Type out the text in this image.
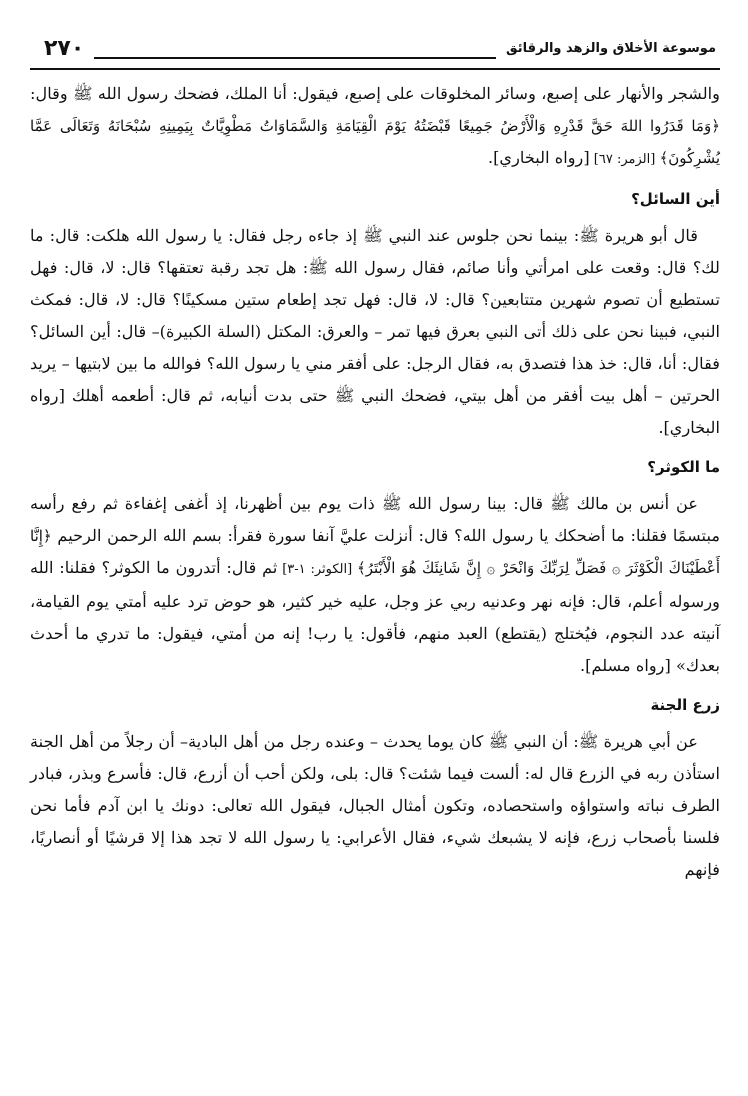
موسوعة الأخلاق والزهد والرقائق
٢٧٠

والشجر والأنهار على إصبع، وسائر المخلوقات على إصبع، فيقول: أنا الملك، فضحك رسول الله ﷺ وقال: ﴿وَمَا قَدَرُوا اللهَ حَقَّ قَدْرِهِ وَالْأَرْضُ جَمِيعًا قَبْضَتُهُ يَوْمَ الْقِيَامَةِ وَالسَّمَاوَاتُ مَطْوِيَّاتٌ بِيَمِينِهِ سُبْحَانَهُ وَتَعَالَى عَمَّا يُشْرِكُونَ﴾ [الزمر: ٦٧] [رواه البخاري].

أين السائل؟

قال أبو هريرة ﷺ: بينما نحن جلوس عند النبي ﷺ إذ جاءه رجل فقال: يا رسول الله هلكت: قال: ما لك؟ قال: وقعت على امرأتي وأنا صائم، فقال رسول الله ﷺ: هل تجد رقبة تعتقها؟ قال: لا، قال: فهل تستطيع أن تصوم شهرين متتابعين؟ قال: لا، قال: فهل تجد إطعام ستين مسكينًا؟ قال: لا، قال: فمكث النبي، فبينا نحن على ذلك أتى النبي بعرق فيها تمر – والعرق: المكتل (السلة الكبيرة)– قال: أين السائل؟ فقال: أنا، قال: خذ هذا فتصدق به، فقال الرجل: على أفقر مني يا رسول الله؟ فوالله ما بين لابتيها – يريد الحرتين – أهل بيت أفقر من أهل بيتي، فضحك النبي ﷺ حتى بدت أنيابه، ثم قال: أطعمه أهلك [رواه البخاري].

ما الكوثر؟

عن أنس بن مالك ﷺ قال: بينا رسول الله ﷺ ذات يوم بين أظهرنا، إذ أغفى إغفاءة ثم رفع رأسه مبتسمًا فقلنا: ما أضحكك يا رسول الله؟ قال: أنزلت عليَّ آنفا سورة فقرأ: بسم الله الرحمن الرحيم ﴿إِنَّا أَعْطَيْنَاكَ الْكَوْثَرَ ۞ فَصَلِّ لِرَبِّكَ وَانْحَرْ ۞ إِنَّ شَانِئَكَ هُوَ الْأَبْتَرُ﴾ [الكوثر: ١-٣] ثم قال: أتدرون ما الكوثر؟ فقلنا: الله ورسوله أعلم، قال: فإنه نهر وعدنيه ربي عز وجل، عليه خير كثير، هو حوض ترد عليه أمتي يوم القيامة، آنيته عدد النجوم، فيُختلج (يقتطع) العبد منهم، فأقول: يا رب! إنه من أمتي، فيقول: ما تدري ما أحدث بعدك» [رواه مسلم].

زرع الجنة

عن أبي هريرة ﷺ: أن النبي ﷺ كان يوما يحدث – وعنده رجل من أهل البادية– أن رجلاً من أهل الجنة استأذن ربه في الزرع قال له: ألست فيما شئت؟ قال: بلى، ولكن أحب أن أزرع، قال: فأسرع وبذر، فبادر الطرف نباته واستواؤه واستحصاده، وتكون أمثال الجبال، فيقول الله تعالى: دونك يا ابن آدم فأما نحن فلسنا بأصحاب زرع، فإنه لا يشبعك شيء، فقال الأعرابي: يا رسول الله لا تجد هذا إلا قرشيًا أو أنصاريًا، فإنهم
